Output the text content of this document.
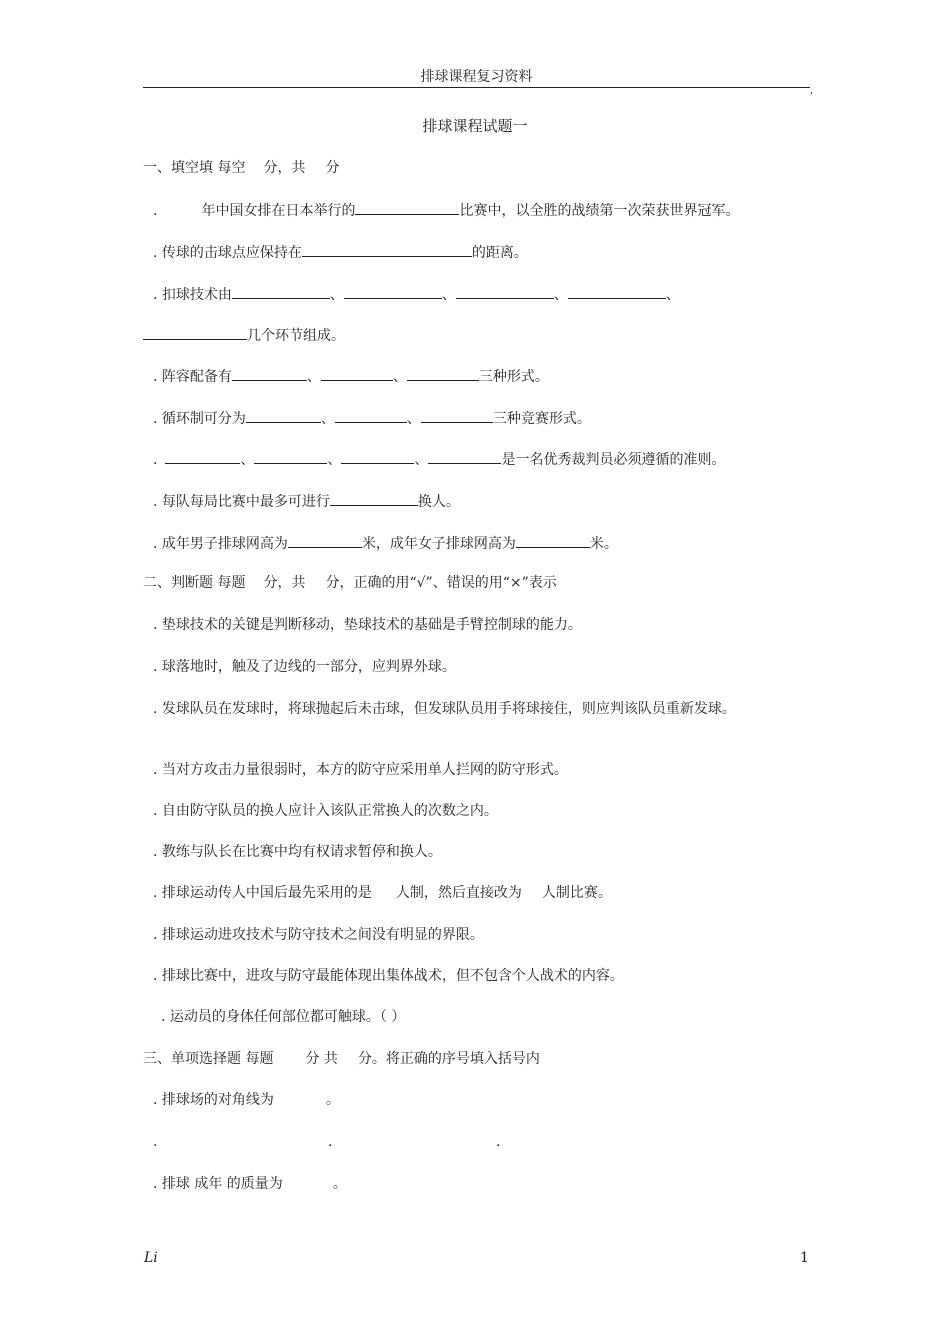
排球课程复习资料
,
排球课程试题一
一、填空填 每空 分，共 分
.	年中国女排在日本举行的	比赛中，以全胜的战绩第一次荣获世界冠军。
. 传球的击球点应保持在	的距离。
. 扣球技术由	、	、	、	、
几个环节组成。
. 阵容配备有	、	、	三种形式。
. 循环制可分为	、	、	三种竞赛形式。
.	、	、	、	是一名优秀裁判员必须遵循的准则。
. 每队每局比赛中最多可进行	换人。
. 成年男子排球网高为	米，成年女子排球网高为	米。
二、判断题 每题 分，共 分，正确的用“√”、错误的用“×”表示
. 垫球技术的关键是判断移动，垫球技术的基础是手臂控制球的能力。
. 球落地时，触及了边线的一部分，应判界外球。
. 发球队员在发球时，将球抛起后未击球，但发球队员用手将球接住，则应判该队员重新发球。
. 当对方攻击力量很弱时，本方的防守应采用单人拦网的防守形式。
. 自由防守队员的换人应计入该队正常换人的次数之内。
. 教练与队长在比赛中均有权请求暂停和换人。
. 排球运动传人中国后最先采用的是 人制，然后直接改为 人制比赛。
. 排球运动进攻技术与防守技术之间没有明显的界限。
. 排球比赛中，进攻与防守最能体现出集体战术，但不包含个人战术的内容。
. 运动员的身体任何部位都可触球。（ ）
三、单项选择题 每题 分 共 分。将正确的序号填入括号内
. 排球场的对角线为	。
.	.	.
. 排球 成年 的质量为	。
Li	1
